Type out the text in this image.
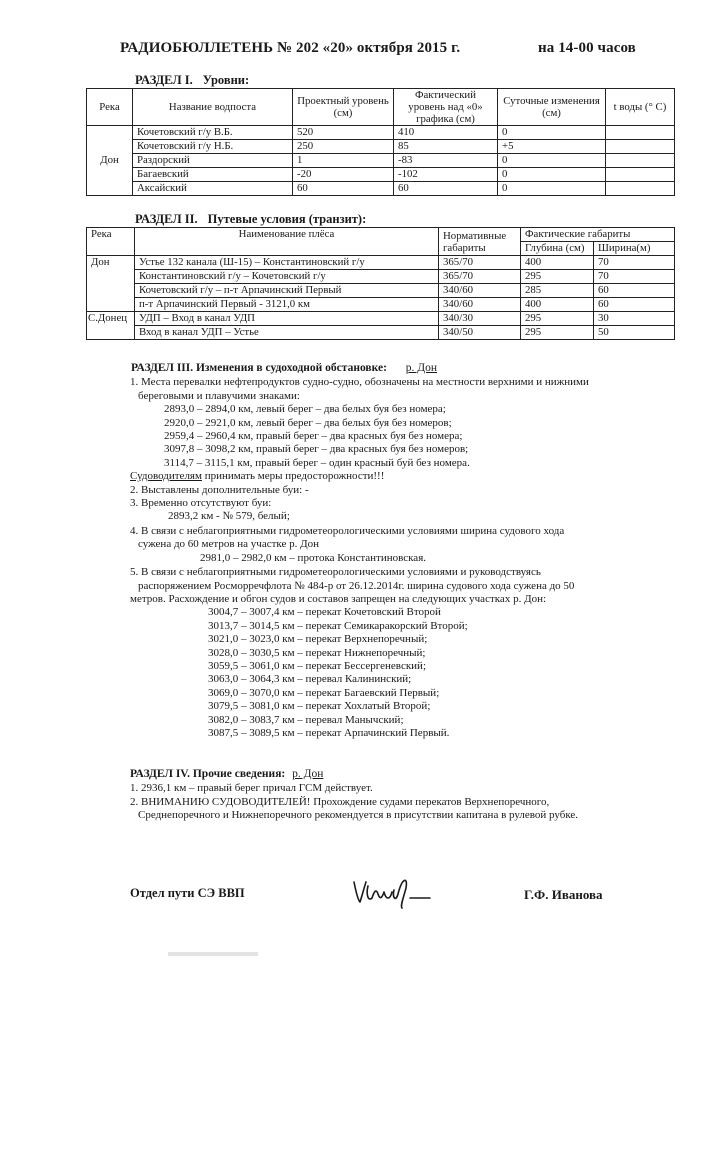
РАДИОБЮЛЛЕТЕНЬ № 202 «20» октября 2015 г.	на 14-00 часов
РАЗДЕЛ I. Уровни:
Река	Название водпоста	Проектный уровень (см)	Фактический уровень над «0» графика (см)	Суточные изменения (см)	t воды (° С)
Дон	Кочетовский г/у В.Б.	520	410	0	
	Кочетовский г/у Н.Б.	250	85	+5	
	Раздорский	1	-83	0	
	Багаевский	-20	-102	0	
	Аксайский	60	60	0	
РАЗДЕЛ II. Путевые условия (транзит):
Река	Наименование плёса	Нормативные габариты	Фактические габариты	
			Глубина (см)	Ширина(м)
Дон	Устье 132 канала (Ш-15) – Константиновский г/у	365/70	400	70
	Константиновский г/у – Кочетовский г/у	365/70	295	70
	Кочетовский г/у – п-т Арпачинский Первый	340/60	285	60
	п-т Арпачинский Первый - 3121,0 км	340/60	400	60
С.Донец	УДП – Вход в канал УДП	340/30	295	30
	Вход в канал УДП – Устье	340/50	295	50

РАЗДЕЛ III. Изменения в судоходной обстановке: р. Дон

1. Места перевалки нефтепродуктов судно-судно, обозначены на местности верхними и нижними

береговыми и плавучими знаками:

2893,0 – 2894,0 км, левый берег – два белых буя без номера;

2920,0 – 2921,0 км, левый берег – два белых буя без номеров;

2959,4 – 2960,4 км, правый берег – два красных буя без номера;

3097,8 – 3098,2 км, правый берег – два красных буя без номеров;

3114,7 – 3115,1 км, правый берег – один красный буй без номера.

Судоводителям принимать меры предосторожности!!!

2. Выставлены дополнительные буи: -

3. Временно отсутствуют буи:

2893,2 км - № 579, белый;

4. В связи с неблагоприятными гидрометеорологическими условиями ширина судового хода

сужена до 60 метров на участке р. Дон

2981,0 – 2982,0 км – протока Константиновская.

5. В связи с неблагоприятными гидрометеорологическими условиями и руководствуясь

распоряжением Росморречфлота № 484-р от 26.12.2014г. ширина судового хода сужена до 50

метров. Расхождение и обгон судов и составов запрещен на следующих участках р. Дон:

3004,7 – 3007,4 км – перекат Кочетовский Второй

3013,7 – 3014,5 км – перекат Семикаракорский Второй;

3021,0 – 3023,0 км – перекат Верхнепоречный;

3028,0 – 3030,5 км – перекат Нижнепоречный;

3059,5 – 3061,0 км – перекат Бессергеневский;

3063,0 – 3064,3 км – перевал Калининский;

3069,0 – 3070,0 км – перекат Багаевский Первый;

3079,5 – 3081,0 км – перекат Хохлатый Второй;

3082,0 – 3083,7 км – перевал Манычский;

3087,5 – 3089,5 км – перекат Арпачинский Первый.

РАЗДЕЛ IV. Прочие сведения: р. Дон

1. 2936,1 км – правый берег причал ГСМ действует.

2. ВНИМАНИЮ СУДОВОДИТЕЛЕЙ! Прохождение судами перекатов Верхнепоречного,

Среднепоречного и Нижнепоречного рекомендуется в присутствии капитана в рулевой рубке.

Отдел пути СЭ ВВП	Г.Ф. Иванова
